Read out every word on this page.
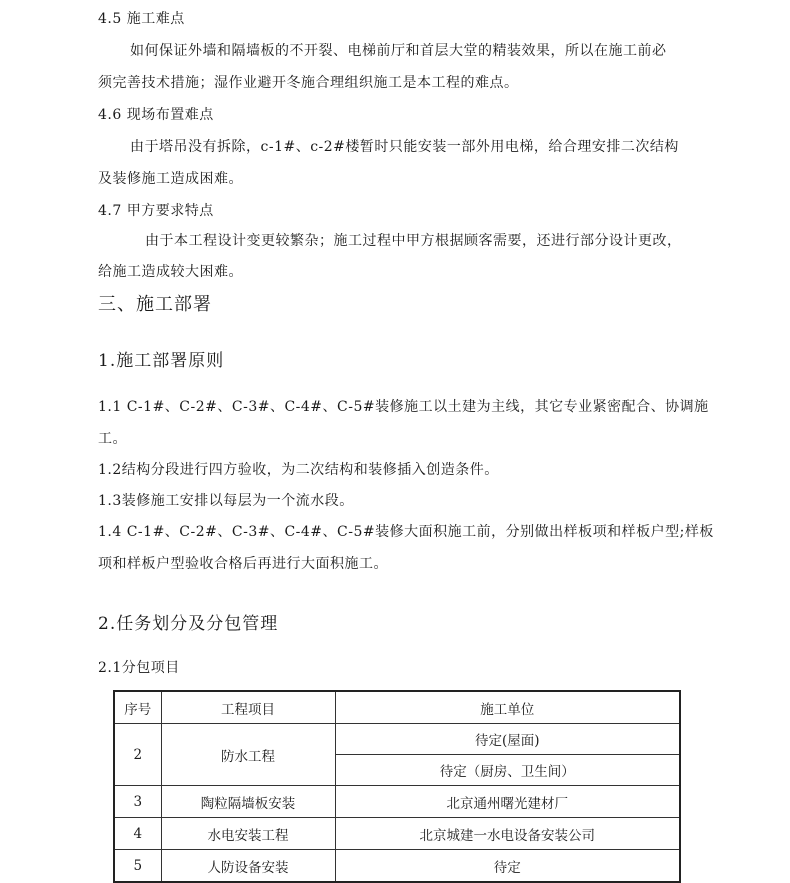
4.5 施工难点
如何保证外墙和隔墙板的不开裂、电梯前厅和首层大堂的精装效果，所以在施工前必
须完善技术措施；湿作业避开冬施合理组织施工是本工程的难点。
4.6 现场布置难点
由于塔吊没有拆除，c-1#、c-2#楼暂时只能安装一部外用电梯，给合理安排二次结构
及装修施工造成困难。
4.7 甲方要求特点
由于本工程设计变更较繁杂；施工过程中甲方根据顾客需要，还进行部分设计更改，
给施工造成较大困难。
三、施工部署
1.施工部署原则
1.1 C-1#、C-2#、C-3#、C-4#、C-5#装修施工以土建为主线，其它专业紧密配合、协调施
工。
1.2结构分段进行四方验收，为二次结构和装修插入创造条件。
1.3装修施工安排以每层为一个流水段。
1.4 C-1#、C-2#、C-3#、C-4#、C-5#装修大面积施工前，分别做出样板项和样板户型;样板
项和样板户型验收合格后再进行大面积施工。
2.任务划分及分包管理
2.1分包项目
序号	工程项目	施工单位
2	防水工程	待定(屋面)
		待定（厨房、卫生间）
3	陶粒隔墙板安装	北京通州曙光建材厂
4	水电安装工程	北京城建一水电设备安装公司
5	人防设备安装	待定
